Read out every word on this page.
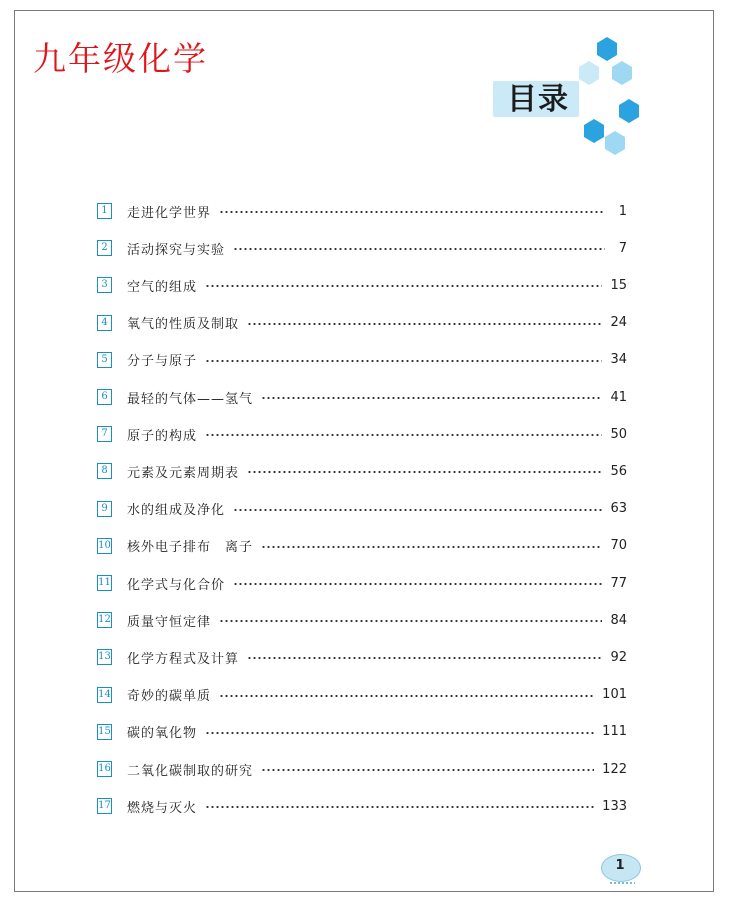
九年级化学
目录
1	走进化学世界	1
2	活动探究与实验	7
3	空气的组成	15
4	氧气的性质及制取	24
5	分子与原子	34
6	最轻的气体——氢气	41
7	原子的构成	50
8	元素及元素周期表	56
9	水的组成及净化	63
10 核外电子排布　离子	70
11 化学式与化合价	77
12 质量守恒定律	84
13 化学方程式及计算	92
14 奇妙的碳单质	101
15 碳的氧化物	111
16 二氧化碳制取的研究	122
17 燃烧与灭火	133
1
